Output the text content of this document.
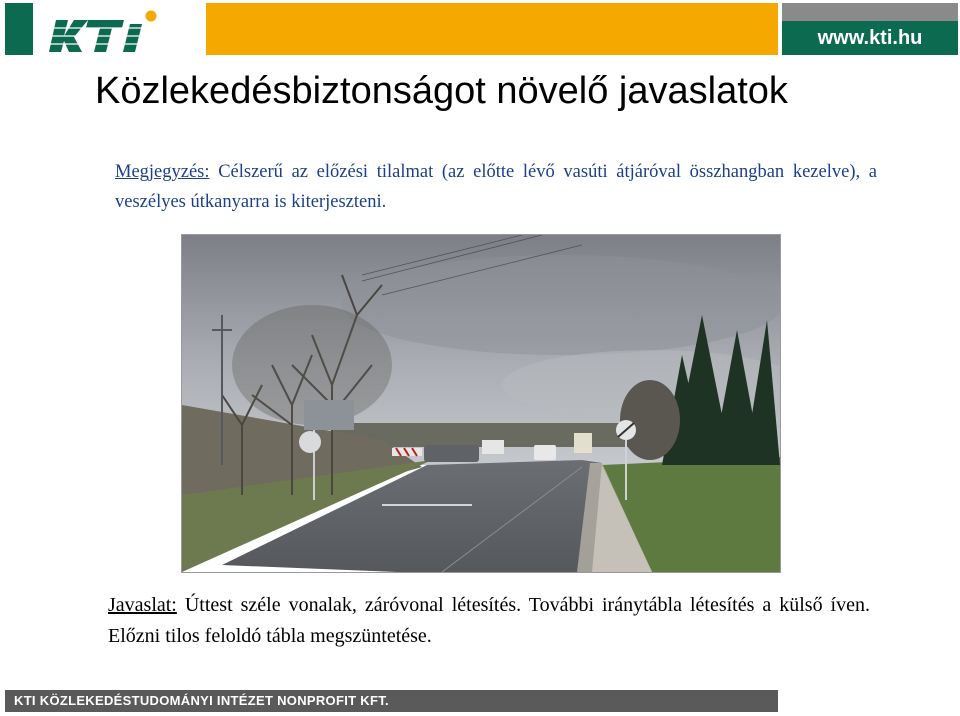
www.kti.hu
Közlekedésbiztonságot növelő javaslatok
Megjegyzés: Célszerű az előzési tilalmat (az előtte lévő vasúti átjáróval összhangban kezelve), a veszélyes útkanyarra is kiterjeszteni.
Javaslat: Úttest széle vonalak, záróvonal létesítés. További iránytábla létesítés a külső íven. Előzni tilos feloldó tábla megszüntetése.
KTI KÖZLEKEDÉSTUDOMÁNYI INTÉZET NONPROFIT KFT.
